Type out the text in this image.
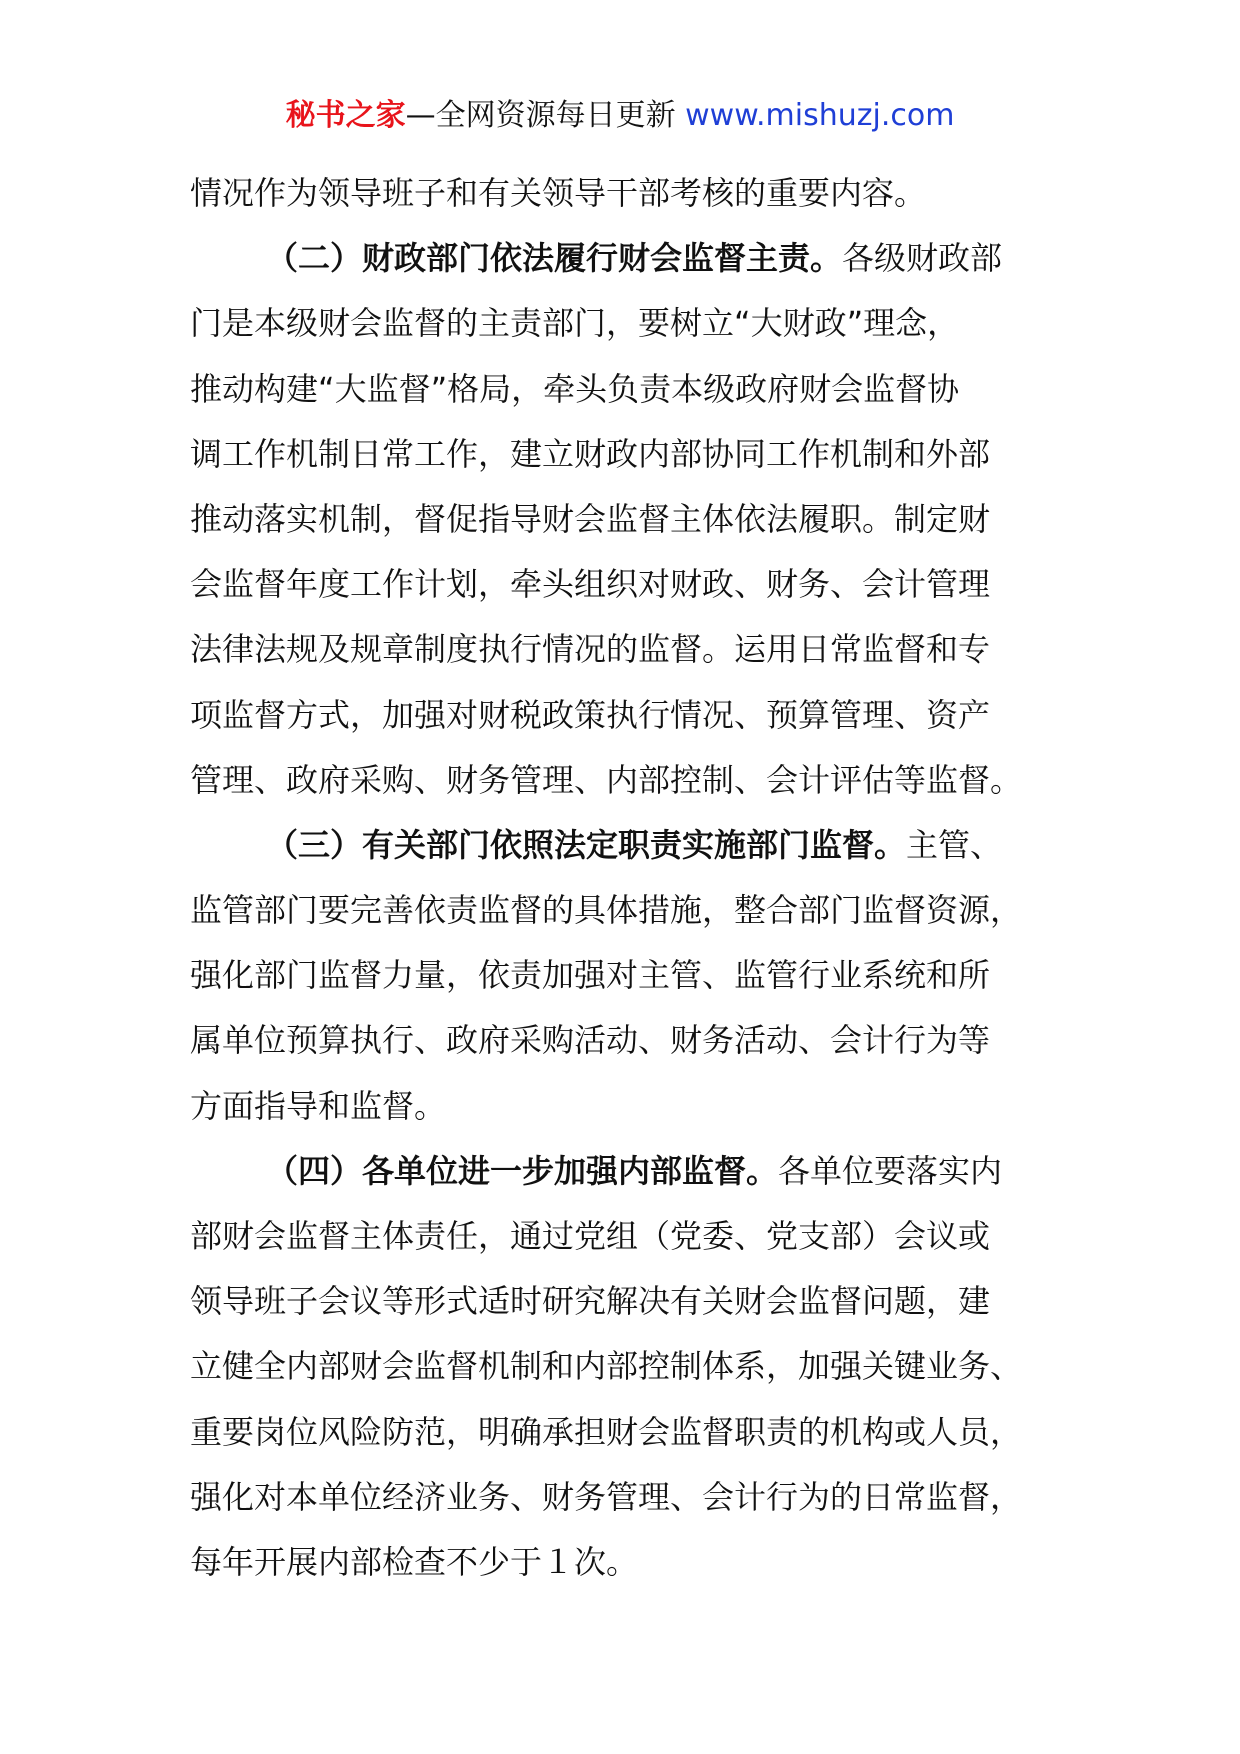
秘书之家—全网资源每日更新 www.mishuzj.com
情况作为领导班子和有关领导干部考核的重要内容。
（二）财政部门依法履行财会监督主责。各级财政部
门是本级财会监督的主责部门，要树立“大财政”理念，
推动构建“大监督”格局，牵头负责本级政府财会监督协
调工作机制日常工作，建立财政内部协同工作机制和外部
推动落实机制，督促指导财会监督主体依法履职。制定财
会监督年度工作计划，牵头组织对财政、财务、会计管理
法律法规及规章制度执行情况的监督。运用日常监督和专
项监督方式，加强对财税政策执行情况、预算管理、资产
管理、政府采购、财务管理、内部控制、会计评估等监督。
（三）有关部门依照法定职责实施部门监督。主管、
监管部门要完善依责监督的具体措施，整合部门监督资源，
强化部门监督力量，依责加强对主管、监管行业系统和所
属单位预算执行、政府采购活动、财务活动、会计行为等
方面指导和监督。
（四）各单位进一步加强内部监督。各单位要落实内
部财会监督主体责任，通过党组（党委、党支部）会议或
领导班子会议等形式适时研究解决有关财会监督问题，建
立健全内部财会监督机制和内部控制体系，加强关键业务、
重要岗位风险防范，明确承担财会监督职责的机构或人员，
强化对本单位经济业务、财务管理、会计行为的日常监督，
每年开展内部检查不少于１次。
